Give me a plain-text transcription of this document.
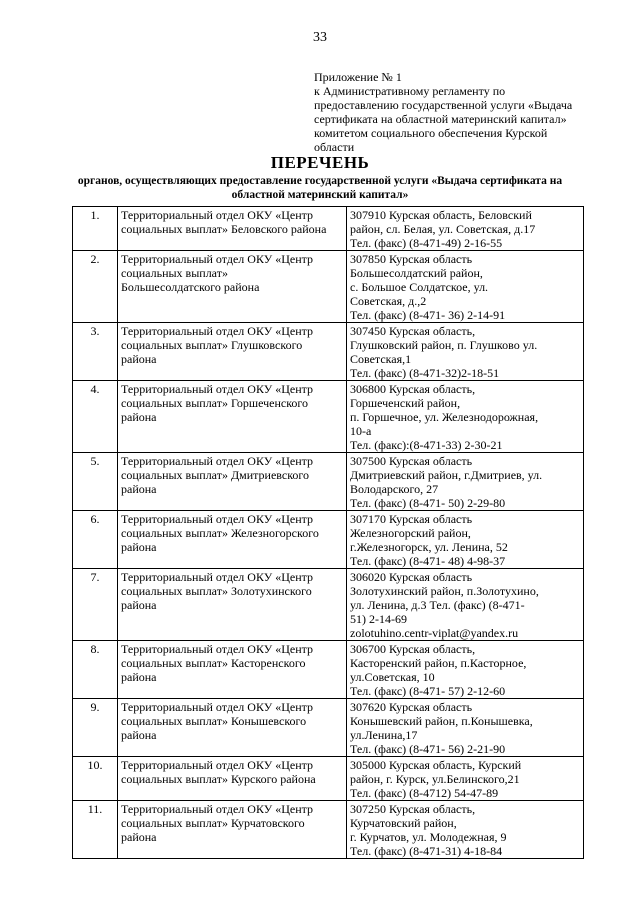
33
Приложение № 1
к Административному регламенту по
предоставлению государственной услуги «Выдача
сертификата на областной материнский капитал»
комитетом социального обеспечения Курской
области
ПЕРЕЧЕНЬ
органов, осуществляющих предоставление государственной услуги «Выдача сертификата на
областной материнский капитал»
1.	Территориальный отдел ОКУ «Центр
социальных выплат» Беловского района	307910 Курская область, Беловский
район, сл. Белая, ул. Советская, д.17
Тел. (факс) (8-471-49) 2-16-55

2.	Территориальный отдел ОКУ «Центр
социальных выплат»
Большесолдатского района	307850 Курская область
Большесолдатский район,
с. Большое Солдатское, ул.
Советская, д.,2
Тел. (факс) (8-471- 36) 2-14-91

3.	Территориальный отдел ОКУ «Центр
социальных выплат» Глушковского
района	307450 Курская область,
Глушковский район, п. Глушково ул.
Советская,1
Тел. (факс) (8-471-32)2-18-51

4.	Территориальный отдел ОКУ «Центр
социальных выплат» Горшеченского
района	306800 Курская область,
Горшеченский район,
п. Горшечное, ул. Железнодорожная,
10-а
Тел. (факс):(8-471-33) 2-30-21

5.	Территориальный отдел ОКУ «Центр
социальных выплат» Дмитриевского
района	307500 Курская область
Дмитриевский район, г.Дмитриев, ул.
Володарского, 27
Тел. (факс) (8-471- 50) 2-29-80

6.	Территориальный отдел ОКУ «Центр
социальных выплат» Железногорского
района	307170 Курская область
Железногорский район,
г.Железногорск, ул. Ленина, 52
Тел. (факс) (8-471- 48) 4-98-37

7.	Территориальный отдел ОКУ «Центр
социальных выплат» Золотухинского
района	306020 Курская область
Золотухинский район, п.Золотухино,
ул. Ленина, д.3 Тел. (факс) (8-471-
51) 2-14-69
zolotuhino.centr-viplat@yandex.ru

8.	Территориальный отдел ОКУ «Центр
социальных выплат» Касторенского
района	306700 Курская область,
Касторенский район, п.Касторное,
ул.Советская, 10
Тел. (факс) (8-471- 57) 2-12-60

9.	Территориальный отдел ОКУ «Центр
социальных выплат» Конышевского
района	307620 Курская область
Конышевский район, п.Конышевка,
ул.Ленина,17
Тел. (факс) (8-471- 56) 2-21-90

10.	Территориальный отдел ОКУ «Центр
социальных выплат» Курского района	305000 Курская область, Курский
район, г. Курск, ул.Белинского,21
Тел. (факс) (8-4712) 54-47-89

11.	Территориальный отдел ОКУ «Центр
социальных выплат» Курчатовского
района	307250 Курская область,
Курчатовский район,
г. Курчатов, ул. Молодежная, 9
Тел. (факс) (8-471-31) 4-18-84
